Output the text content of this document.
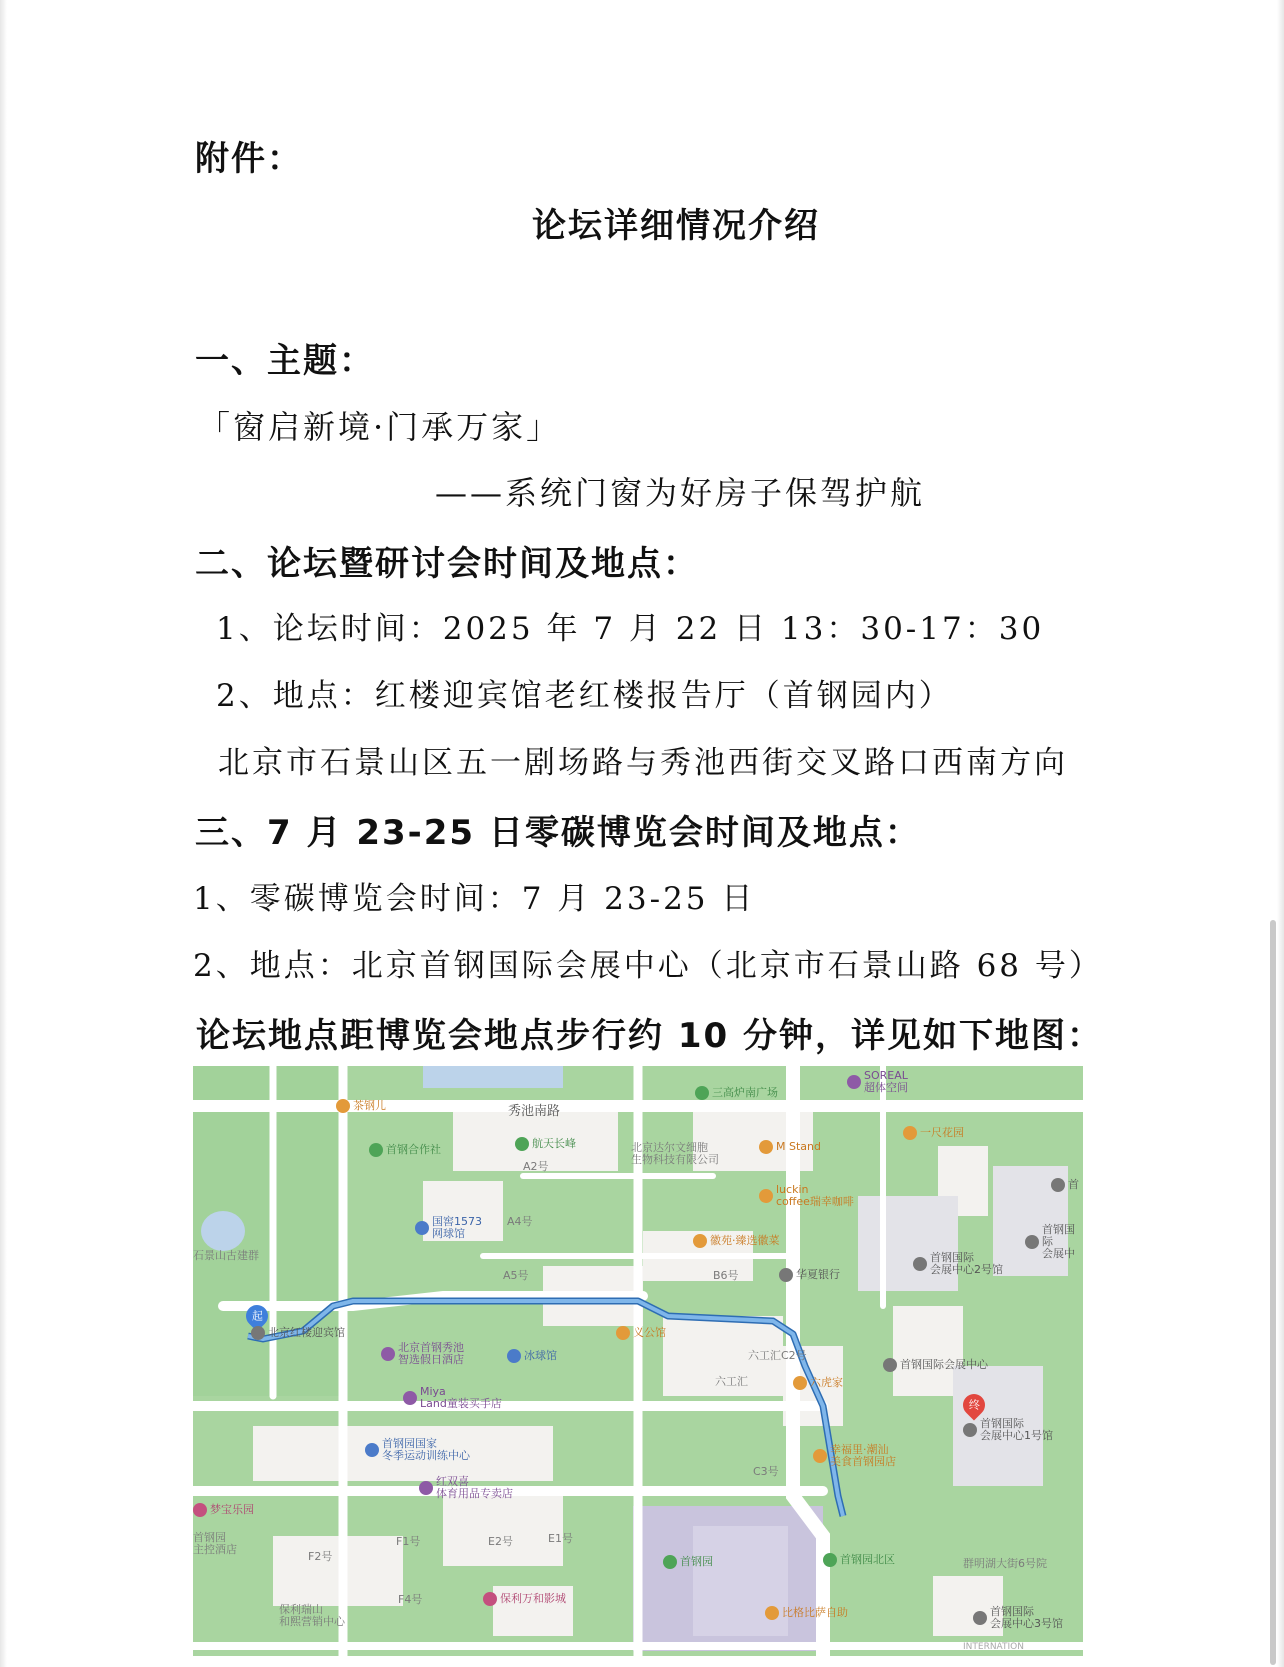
附件：
论坛详细情况介绍
一、主题：
「窗启新境·门承万家」
——系统门窗为好房子保驾护航
二、论坛暨研讨会时间及地点：
1、论坛时间：2025 年 7 月 22 日 13：30-17：30
2、地点：红楼迎宾馆老红楼报告厅（首钢园内）
北京市石景山区五一剧场路与秀池西街交叉路口西南方向
三、7 月 23-25 日零碳博览会时间及地点：
1、零碳博览会时间：7 月 23-25 日
2、地点：北京首钢国际会展中心（北京市石景山路 68 号）
论坛地点距博览会地点步行约 10 分钟，详见如下地图：
秀池南路
起
终
茶钢儿
首钢合作社	航天长峰
三高炉南广场
SOREAL
超体空间
北京达尔文细胞
生物科技有限公司
M Stand
一尺花园
A2号
luckin
coffee瑞幸咖啡
国窖1573
网球馆
A4号
徽苑·臻选徽菜
首
首钢国际
会展中
首钢国际
会展中心2号馆
石景山古建群
A5号	B6号	华夏银行
北京红楼迎宾馆	义公馆
北京首钢秀池
智选假日酒店	冰球馆	六工汇C2号
首钢国际会展中心
六工汇	六虎家
Miya
Land童装买手店
首钢国际
会展中心1号馆
首钢园国家
冬季运动训练中心	幸福里·潮汕
美食首钢园店
C3号
红双喜
体育用品专卖店
梦宝乐园
首钢园
主控酒店
F1号	E2号	E1号
F2号	首钢园	首钢园北区	群明湖大街6号院
F4号	保利万和影城
保利瑞山
和熙营销中心
比格比萨自助	首钢国际
会展中心3号馆
INTERNATION
